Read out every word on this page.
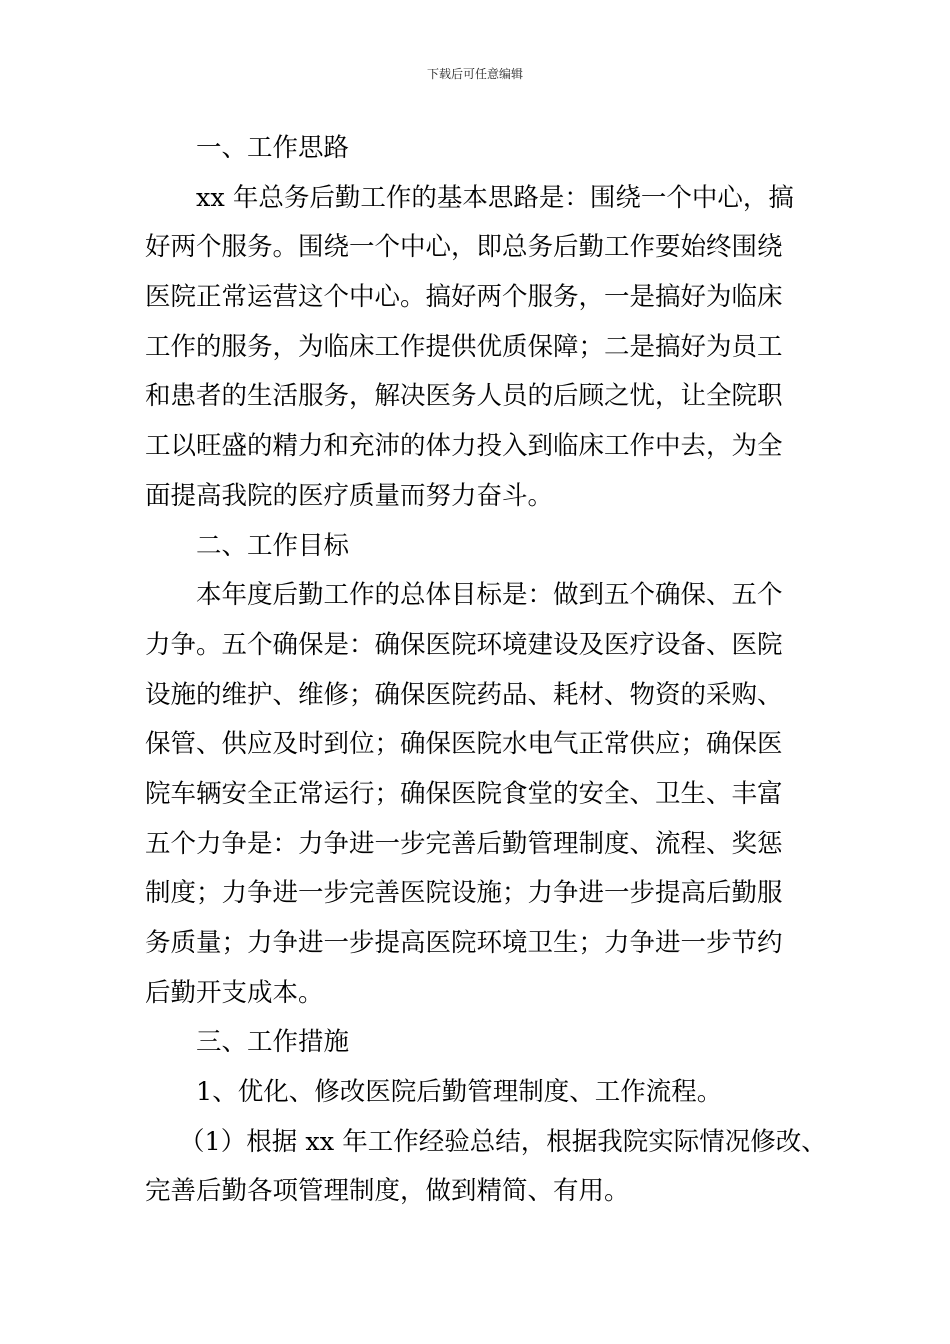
下载后可任意编辑
一、工作思路
xx 年总务后勤工作的基本思路是：围绕一个中心，搞
好两个服务。围绕一个中心，即总务后勤工作要始终围绕
医院正常运营这个中心。搞好两个服务，一是搞好为临床
工作的服务，为临床工作提供优质保障；二是搞好为员工
和患者的生活服务，解决医务人员的后顾之忧，让全院职
工以旺盛的精力和充沛的体力投入到临床工作中去，为全
面提高我院的医疗质量而努力奋斗。
二、工作目标
本年度后勤工作的总体目标是：做到五个确保、五个
力争。五个确保是：确保医院环境建设及医疗设备、医院
设施的维护、维修；确保医院药品、耗材、物资的采购、
保管、供应及时到位；确保医院水电气正常供应；确保医
院车辆安全正常运行；确保医院食堂的安全、卫生、丰富
五个力争是：力争进一步完善后勤管理制度、流程、奖惩
制度；力争进一步完善医院设施；力争进一步提高后勤服
务质量；力争进一步提高医院环境卫生；力争进一步节约
后勤开支成本。
三、工作措施
1、优化、修改医院后勤管理制度、工作流程。
（1）根据 xx 年工作经验总结，根据我院实际情况修改、
完善后勤各项管理制度，做到精简、有用。
